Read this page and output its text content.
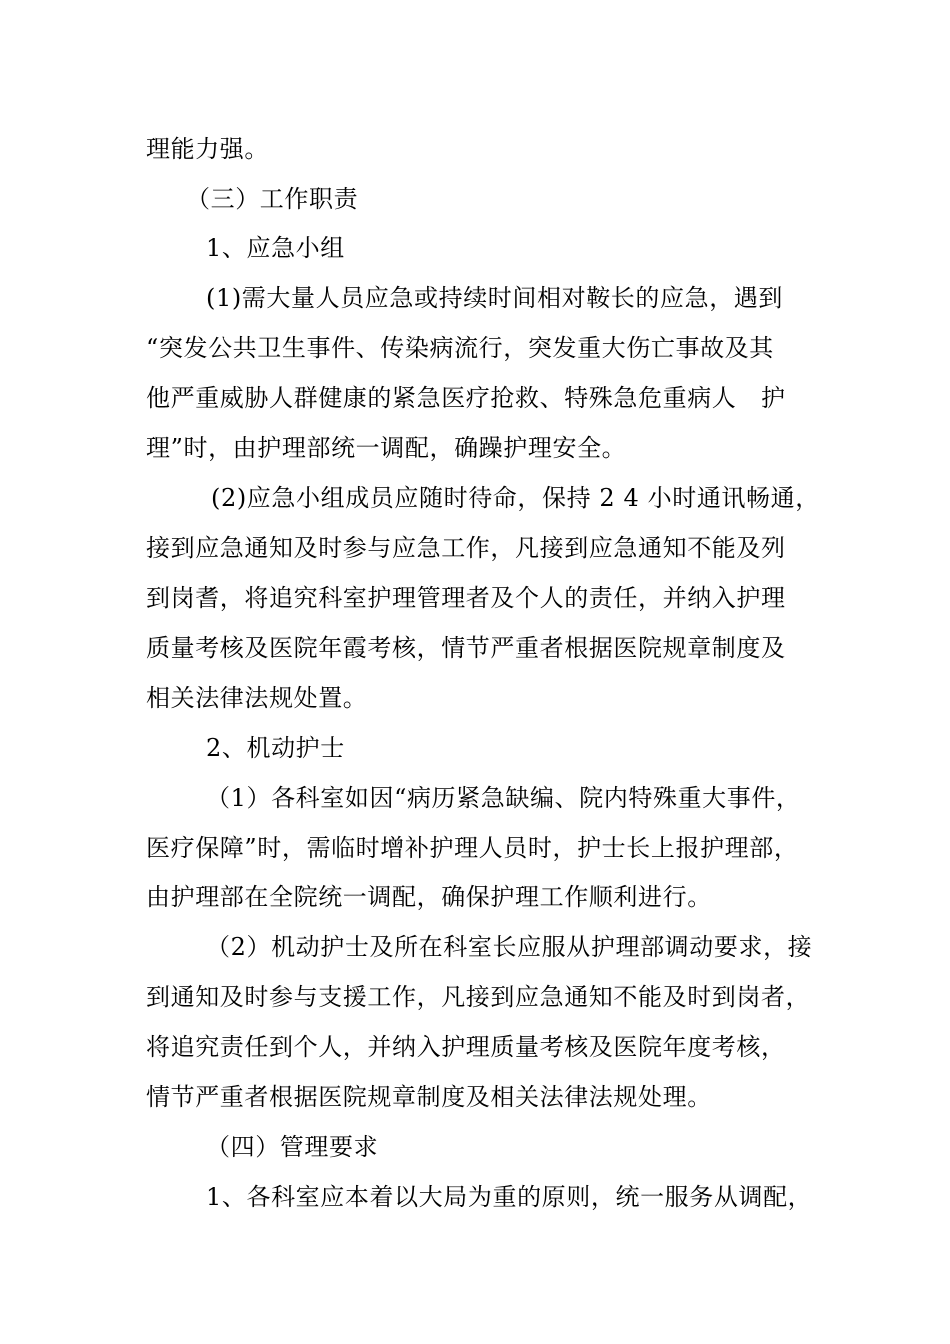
理能力强。
（三）工作职责
1、应急小组
(1)需大量人员应急或持续时间相对鞍长的应急，遇到
“突发公共卫生事件、传染病流行，突发重大伤亡事故及其
他严重威胁人群健康的紧急医疗抢救、特殊急危重病人　护
理”时，由护理部统一调配，确躁护理安全。
(2)应急小组成员应随时待命，保持 2 4 小时通讯畅通，
接到应急通知及时参与应急工作，凡接到应急通知不能及列
到岗耆，将追究科室护理管理者及个人的责任，并纳入护理
质量考核及医院年霞考核，情节严重者根据医院规章制度及
相关法律法规处置。
2、机动护士
（1）各科室如因“病历紧急缺编、院内特殊重大事件，
医疗保障”时，需临时增补护理人员时，护士长上报护理部，
由护理部在全院统一调配，确保护理工作顺利进行。
（2）机动护士及所在科室长应服从护理部调动要求，接
到通知及时参与支援工作，凡接到应急通知不能及时到岗者，
将追究责任到个人，并纳入护理质量考核及医院年度考核，
情节严重者根据医院规章制度及相关法律法规处理。
（四）管理要求
1、各科室应本着以大局为重的原则，统一服务从调配，
